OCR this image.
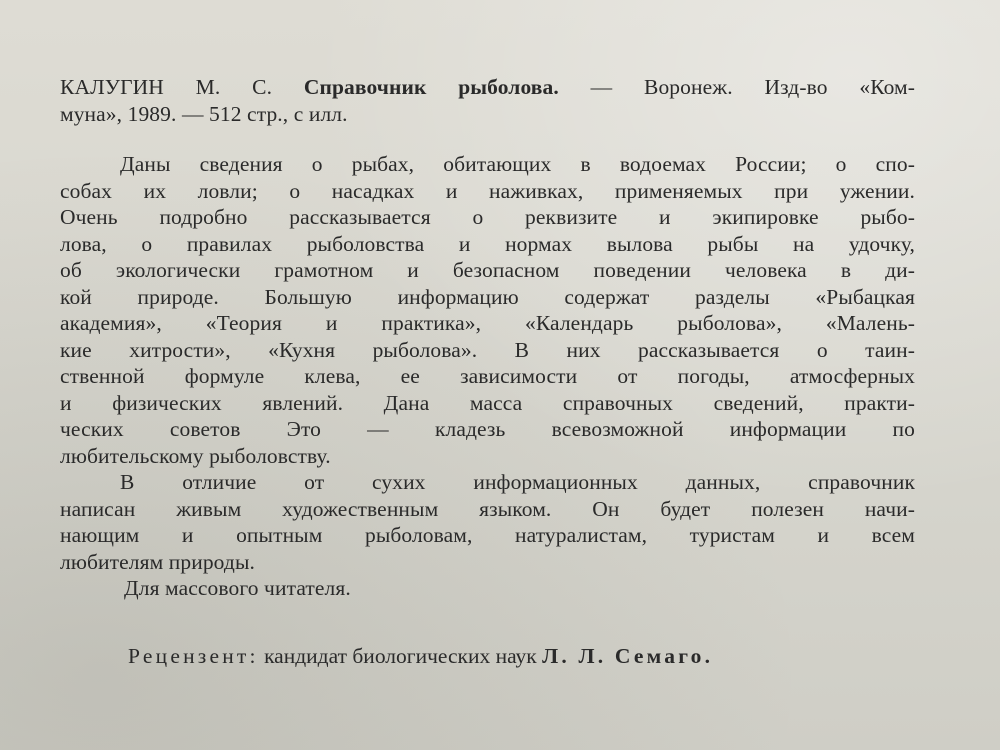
КАЛУГИН М. С. Справочник рыболова. — Воронеж. Изд-во «Ком-
муна», 1989. — 512 стр., с илл.
Даны сведения о рыбах, обитающих в водоемах России; о спо-
собах их ловли; о насадках и наживках, применяемых при ужении.
Очень подробно рассказывается о реквизите и экипировке рыбо-
лова, о правилах рыболовства и нормах вылова рыбы на удочку,
об экологически грамотном и безопасном поведении человека в ди-
кой природе. Большую информацию содержат разделы «Рыбацкая
академия», «Теория и практика», «Календарь рыболова», «Малень-
кие хитрости», «Кухня рыболова». В них рассказывается о таин-
ственной формуле клева, ее зависимости от погоды, атмосферных
и физических явлений. Дана масса справочных сведений, практи-
ческих советов Это — кладезь всевозможной информации по
любительскому рыболовству.
В отличие от сухих информационных данных, справочник
написан живым художественным языком. Он будет полезен начи-
нающим и опытным рыболовам, натуралистам, туристам и всем
любителям природы.
Для массового читателя.
Рецензент: кандидат биологических наук Л. Л. Семаго.
